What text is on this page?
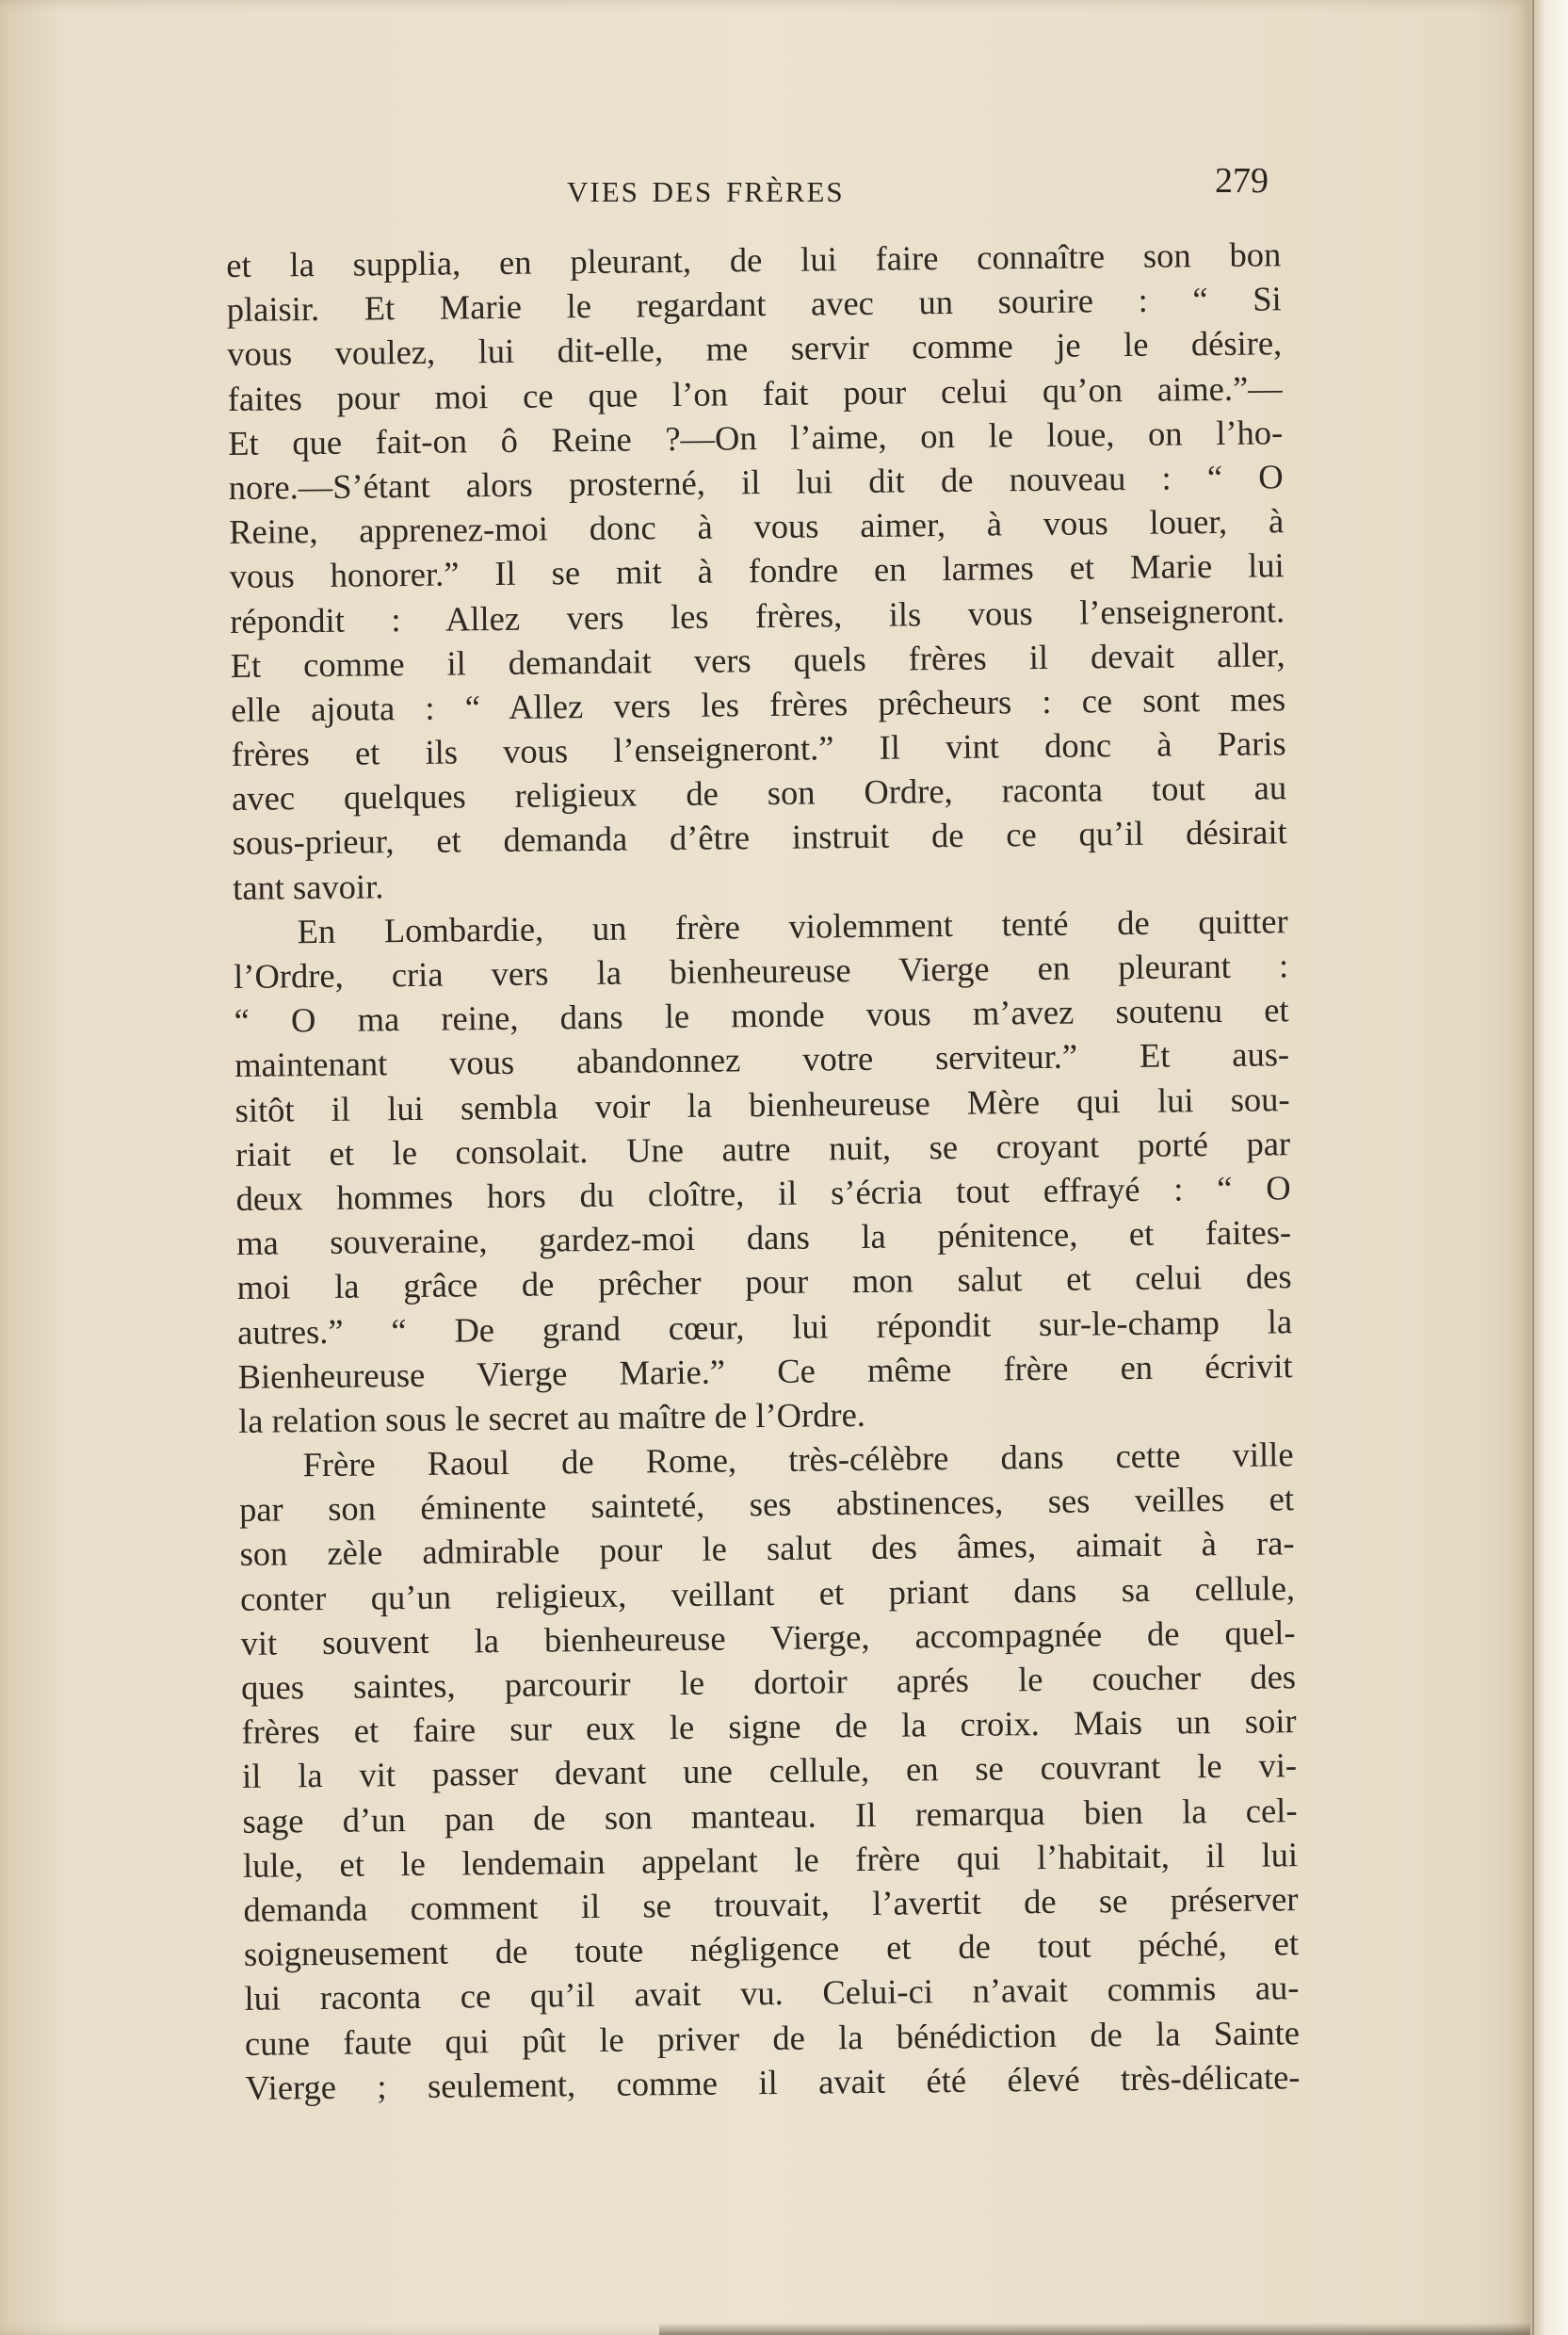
VIES DES FRÈRES	279
et la supplia, en pleurant, de lui faire connaître son bon
plaisir. Et Marie le regardant avec un sourire : “ Si
vous voulez, lui dit-elle, me servir comme je le désire,
faites pour moi ce que l’on fait pour celui qu’on aime.”—
Et que fait-on ô Reine ?—On l’aime, on le loue, on l’ho-
nore.—S’étant alors prosterné, il lui dit de nouveau : “ O
Reine, apprenez-moi donc à vous aimer, à vous louer, à
vous honorer.” Il se mit à fondre en larmes et Marie lui
répondit : Allez vers les frères, ils vous l’enseigneront.
Et comme il demandait vers quels frères il devait aller,
elle ajouta : “ Allez vers les frères prêcheurs : ce sont mes
frères et ils vous l’enseigneront.” Il vint donc à Paris
avec quelques religieux de son Ordre, raconta tout au
sous-prieur, et demanda d’être instruit de ce qu’il désirait
tant savoir.
En Lombardie, un frère violemment tenté de quitter
l’Ordre, cria vers la bienheureuse Vierge en pleurant :
“ O ma reine, dans le monde vous m’avez soutenu et
maintenant vous abandonnez votre serviteur.” Et aus-
sitôt il lui sembla voir la bienheureuse Mère qui lui sou-
riait et le consolait. Une autre nuit, se croyant porté par
deux hommes hors du cloître, il s’écria tout effrayé : “ O
ma souveraine, gardez-moi dans la pénitence, et faites-
moi la grâce de prêcher pour mon salut et celui des
autres.” “ De grand cœur, lui répondit sur-le-champ la
Bienheureuse Vierge Marie.” Ce même frère en écrivit
la relation sous le secret au maître de l’Ordre.
Frère Raoul de Rome, très-célèbre dans cette ville
par son éminente sainteté, ses abstinences, ses veilles et
son zèle admirable pour le salut des âmes, aimait à ra-
conter qu’un religieux, veillant et priant dans sa cellule,
vit souvent la bienheureuse Vierge, accompagnée de quel-
ques saintes, parcourir le dortoir aprés le coucher des
frères et faire sur eux le signe de la croix. Mais un soir
il la vit passer devant une cellule, en se couvrant le vi-
sage d’un pan de son manteau. Il remarqua bien la cel-
lule, et le lendemain appelant le frère qui l’habitait, il lui
demanda comment il se trouvait, l’avertit de se préserver
soigneusement de toute négligence et de tout péché, et
lui raconta ce qu’il avait vu. Celui-ci n’avait commis au-
cune faute qui pût le priver de la bénédiction de la Sainte
Vierge ; seulement, comme il avait été élevé très-délicate-
